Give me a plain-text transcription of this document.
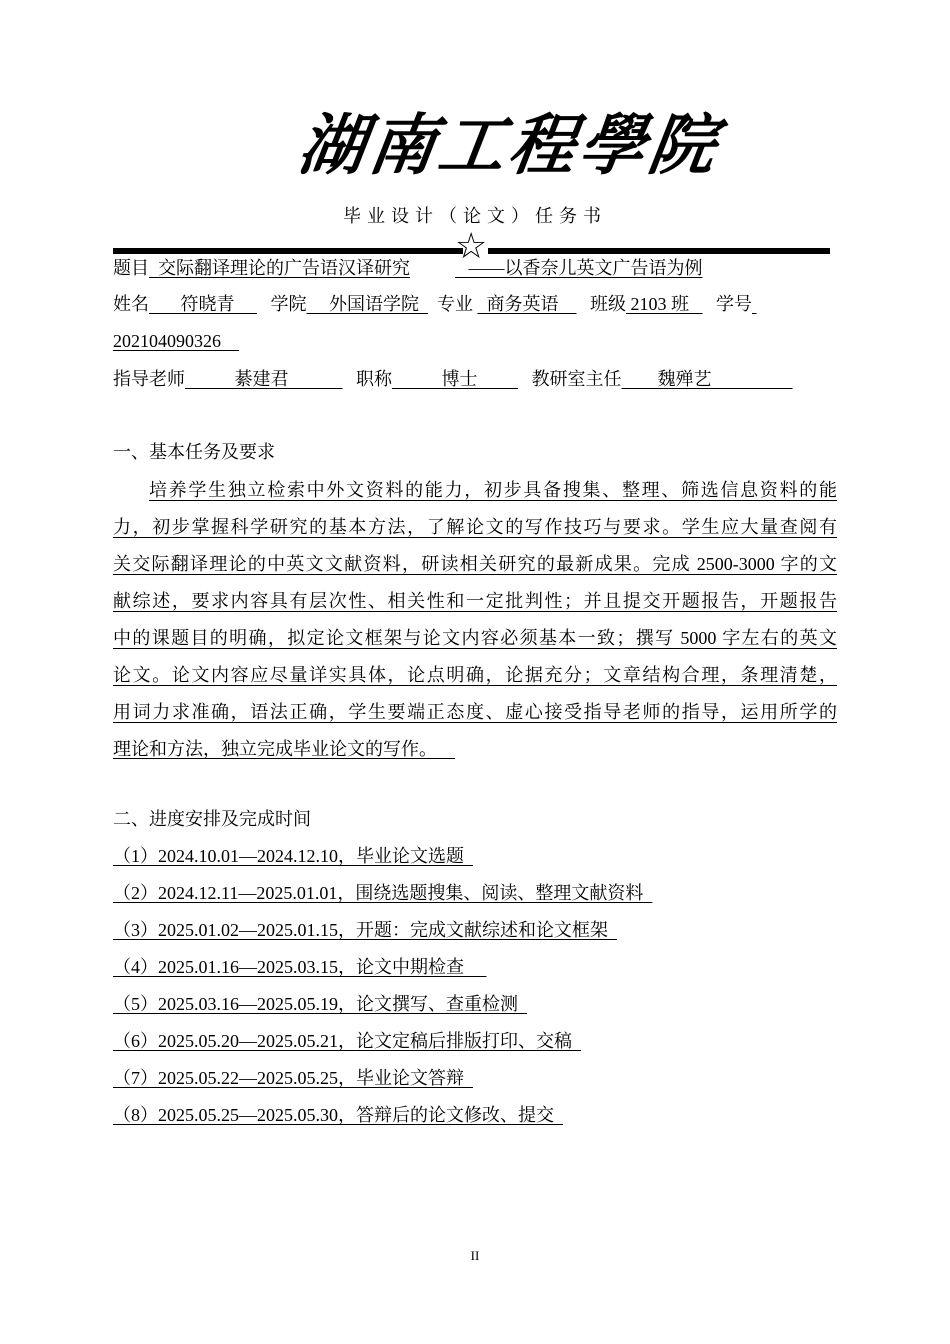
湖南工程學院
毕业设计（论文）任务书
☆
题目 交际翻译理论的广告语汉译研究	——以香奈儿英文广告语为例
姓名 符晓青 学院 外国语学院 专业 商务英语 班级 2103 班 学号
202104090326
指导老师	綦建君	职称	博士	教研室主任 魏殚艺
一、基本任务及要求
培养学生独立检索中外文资料的能力，初步具备搜集、整理、筛选信息资料的能
力，初步掌握科学研究的基本方法，了解论文的写作技巧与要求。学生应大量查阅有
关交际翻译理论的中英文文献资料，研读相关研究的最新成果。完成 2500-3000 字的文
献综述，要求内容具有层次性、相关性和一定批判性；并且提交开题报告，开题报告
中的课题目的明确，拟定论文框架与论文内容必须基本一致；撰写 5000 字左右的英文
论文。论文内容应尽量详实具体，论点明确，论据充分；文章结构合理，条理清楚，
用词力求准确，语法正确，学生要端正态度、虚心接受指导老师的指导，运用所学的
理论和方法，独立完成毕业论文的写作。
二、进度安排及完成时间
（1）2024.10.01—2024.12.10，毕业论文选题
（2）2024.12.11—2025.01.01，围绕选题搜集、阅读、整理文献资料
（3）2025.01.02—2025.01.15，开题：完成文献综述和论文框架
（4）2025.01.16—2025.03.15，论文中期检查
（5）2025.03.16—2025.05.19，论文撰写、查重检测
（6）2025.05.20—2025.05.21，论文定稿后排版打印、交稿
（7）2025.05.22—2025.05.25，毕业论文答辩
（8）2025.05.25—2025.05.30，答辩后的论文修改、提交
II
